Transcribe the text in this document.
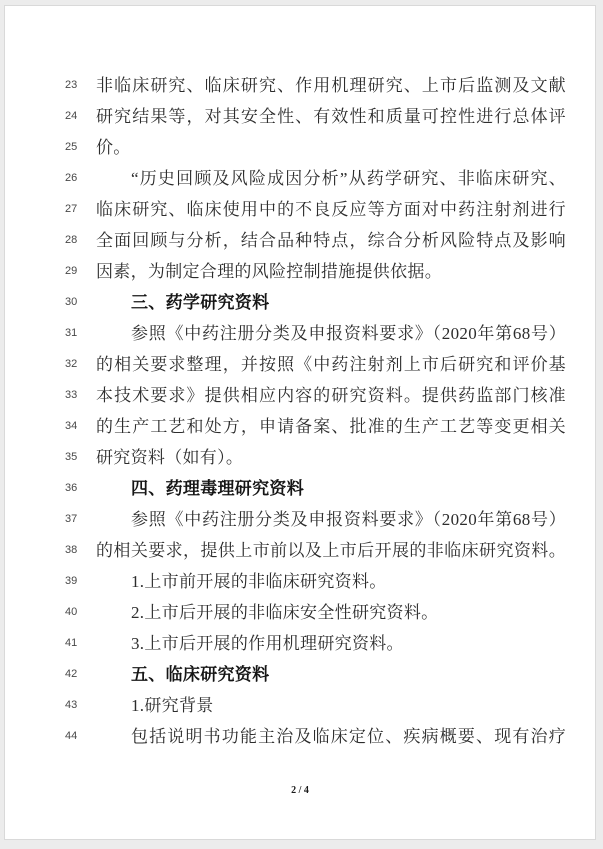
23	非临床研究、临床研究、作用机理研究、上市后监测及文献
24	研究结果等，对其安全性、有效性和质量可控性进行总体评
25	价。
26	“历史回顾及风险成因分析”从药学研究、非临床研究、
27	临床研究、临床使用中的不良反应等方面对中药注射剂进行
28	全面回顾与分析，结合品种特点，综合分析风险特点及影响
29	因素，为制定合理的风险控制措施提供依据。
30	三、药学研究资料
31	参照《中药注册分类及申报资料要求》（2020年第68号）
32	的相关要求整理，并按照《中药注射剂上市后研究和评价基
33	本技术要求》提供相应内容的研究资料。提供药监部门核准
34	的生产工艺和处方，申请备案、批准的生产工艺等变更相关
35	研究资料（如有）。
36	四、药理毒理研究资料
37	参照《中药注册分类及申报资料要求》（2020年第68号）
38	的相关要求，提供上市前以及上市后开展的非临床研究资料。
39	1.上市前开展的非临床研究资料。
40	2.上市后开展的非临床安全性研究资料。
41	3.上市后开展的作用机理研究资料。
42	五、临床研究资料
43	1.研究背景
44	包括说明书功能主治及临床定位、疾病概要、现有治疗
2 / 4
